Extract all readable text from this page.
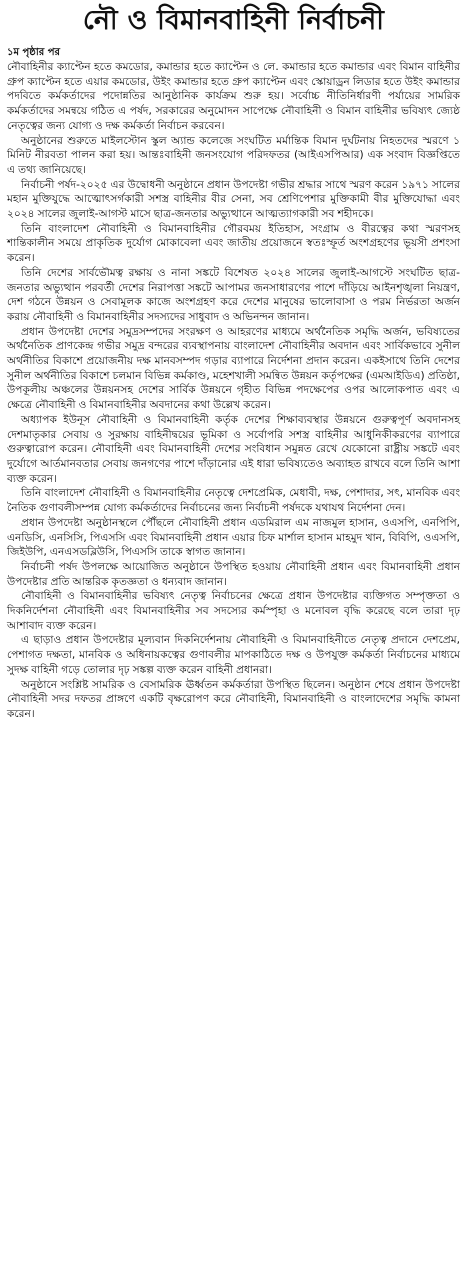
নৌ ও বিমানবাহিনী নির্বাচনী
১ম পৃষ্ঠার পর

নৌবাহিনীর ক্যাপ্টেন হতে কমডোর, কমান্ডার হতে ক্যাপ্টেন ও লে. কমান্ডার হতে কমান্ডার এবং বিমান বাহিনীর গ্রুপ ক্যাপ্টেন হতে এয়ার কমডোর, উইং কমান্ডার হতে গ্রুপ ক্যাপ্টেন এবং স্কোয়াড্রন লিডার হতে উইং কমান্ডার পদবিতে কর্মকর্তাদের পদোন্নতির আনুষ্ঠানিক কার্যক্রম শুরু হয়। সর্বোচ্চ নীতিনির্ধারণী পর্যায়ের সামরিক কর্মকর্তাদের সমন্বয়ে গঠিত এ পর্ষদ, সরকারের অনুমোদন সাপেক্ষে নৌবাহিনী ও বিমান বাহিনীর ভবিষ্যৎ জ্যেষ্ঠ নেতৃত্বের জন্য যোগ্য ও দক্ষ কর্মকর্তা নির্বাচন করবেন।

অনুষ্ঠানের শুরুতে মাইলস্টোন স্কুল অ্যান্ড কলেজে সংঘটিত মর্মান্তিক বিমান দুর্ঘটনায় নিহতদের স্মরণে ১ মিনিট নীরবতা পালন করা হয়। আন্তঃবাহিনী জনসংযোগ পরিদফতর (আইএসপিআর) এক সংবাদ বিজ্ঞপ্তিতে এ তথ্য জানিয়েছে।

নির্বাচনী পর্ষদ-২০২৫ এর উদ্বোধনী অনুষ্ঠানে প্রধান উপদেষ্টা গভীর শ্রদ্ধার সাথে স্মরণ করেন ১৯৭১ সালের মহান মুক্তিযুদ্ধে আত্মোৎসর্গকারী সশস্ত্র বাহিনীর বীর সেনা, সব শ্রেণিপেশার মুক্তিকামী বীর মুক্তিযোদ্ধা এবং ২০২৪ সালের জুলাই-আগস্ট মাসে ছাত্র-জনতার অভ্যুত্থানে আত্মত্যাগকারী সব শহীদকে।

তিনি বাংলাদেশ নৌবাহিনী ও বিমানবাহিনীর গৌরবময় ইতিহাস, সংগ্রাম ও বীরত্বের কথা স্মরণসহ শান্তিকালীন সময়ে প্রাকৃতিক দুর্যোগ মোকাবেলা এবং জাতীয় প্রয়োজনে স্বতঃস্ফূর্ত অংশগ্রহণের ভূয়সী প্রশংসা করেন।

তিনি দেশের সার্বভৌমত্ব রক্ষায় ও নানা সঙ্কটে বিশেষত ২০২৪ সালের জুলাই-আগস্টে সংঘটিত ছাত্র-জনতার অভ্যুত্থান পরবর্তী দেশের নিরাপত্তা সঙ্কটে আপামর জনসাধারণের পাশে দাঁড়িয়ে আইনশৃঙ্খলা নিয়ন্ত্রণ, দেশ গঠনে উন্নয়ন ও সেবামূলক কাজে অংশগ্রহণ করে দেশের মানুষের ভালোবাসা ও পরম নির্ভরতা অর্জন করায় নৌবাহিনী ও বিমানবাহিনীর সদস্যদের সাধুবাদ ও অভিনন্দন জানান।

প্রধান উপদেষ্টা দেশের সমুদ্রসম্পদের সংরক্ষণ ও আহরণের মাধ্যমে অর্থনৈতিক সমৃদ্ধি অর্জন, ভবিষ্যতের অর্থনৈতিক প্রাণকেন্দ্র গভীর সমুদ্র বন্দরের ব্যবস্থাপনায় বাংলাদেশ নৌবাহিনীর অবদান এবং সার্বিকভাবে সুনীল অর্থনীতির বিকাশে প্রয়োজনীয় দক্ষ মানবসম্পদ গড়ার ব্যাপারে নির্দেশনা প্রদান করেন। একইসাথে তিনি দেশের সুনীল অর্থনীতির বিকাশে চলমান বিভিন্ন কর্মকাণ্ড, মহেশখালী সমন্বিত উন্নয়ন কর্তৃপক্ষের (এমআইডিএ) প্রতিষ্ঠা, উপকূলীয় অঞ্চলের উন্নয়নসহ দেশের সার্বিক উন্নয়নে গৃহীত বিভিন্ন পদক্ষেপের ওপর আলোকপাত এবং এ ক্ষেত্রে নৌবাহিনী ও বিমানবাহিনীর অবদানের কথা উল্লেখ করেন।

অধ্যাপক ইউনূস নৌবাহিনী ও বিমানবাহিনী কর্তৃক দেশের শিক্ষাব্যবস্থার উন্নয়নে গুরুত্বপূর্ণ অবদানসহ দেশমাতৃকার সেবায় ও সুরক্ষায় বাহিনীদ্বয়ের ভূমিকা ও সর্বোপরি সশস্ত্র বাহিনীর আধুনিকীকরণের ব্যাপারে গুরুত্বারোপ করেন। নৌবাহিনী এবং বিমানবাহিনী দেশের সংবিধান সমুন্নত রেখে যেকোনো রাষ্ট্রীয় সঙ্কটে এবং দুর্যোগে আর্তমানবতার সেবায় জনগণের পাশে দাঁড়ানোর এই ধারা ভবিষ্যতেও অব্যাহত রাখবে বলে তিনি আশা ব্যক্ত করেন।

তিনি বাংলাদেশ নৌবাহিনী ও বিমানবাহিনীর নেতৃত্বে দেশপ্রেমিক, মেধাবী, দক্ষ, পেশাদার, সৎ, মানবিক এবং নৈতিক গুণাবলীসম্পন্ন যোগ্য কর্মকর্তাদের নির্বাচনের জন্য নির্বাচনী পর্ষদকে যথাযথ নির্দেশনা দেন।

প্রধান উপদেষ্টা অনুষ্ঠানস্থলে পৌঁছলে নৌবাহিনী প্রধান এডমিরাল এম নাজমুল হাসান, ওএসপি, এনপিপি, এনডিসি, এনসিসি, পিএসসি এবং বিমানবাহিনী প্রধান এয়ার চিফ মার্শাল হাসান মাহমুদ খান, বিবিপি, ওএসপি, জিইউপি, এনএসডব্লিউসি, পিএসসি তাকে স্বাগত জানান।

নির্বাচনী পর্ষদ উপলক্ষে আয়োজিত অনুষ্ঠানে উপস্থিত হওয়ায় নৌবাহিনী প্রধান এবং বিমানবাহিনী প্রধান উপদেষ্টার প্রতি আন্তরিক কৃতজ্ঞতা ও ধন্যবাদ জানান।

নৌবাহিনী ও বিমানবাহিনীর ভবিষ্যৎ নেতৃত্ব নির্বাচনের ক্ষেত্রে প্রধান উপদেষ্টার ব্যক্তিগত সম্পৃক্ততা ও দিকনির্দেশনা নৌবাহিনী এবং বিমানবাহিনীর সব সদস্যের কর্মস্পৃহা ও মনোবল বৃদ্ধি করেছে বলে তারা দৃঢ় আশাবাদ ব্যক্ত করেন।

এ ছাড়াও প্রধান উপদেষ্টার মূল্যবান দিকনির্দেশনায় নৌবাহিনী ও বিমানবাহিনীতে নেতৃত্ব প্রদানে দেশপ্রেম, পেশাগত দক্ষতা, মানবিক ও অধিনায়কত্বের গুণাবলীর মাপকাঠিতে দক্ষ ও উপযুক্ত কর্মকর্তা নির্বাচনের মাধ্যমে সুদক্ষ বাহিনী গড়ে তোলার দৃঢ় সঙ্কল্প ব্যক্ত করেন বাহিনী প্রধানরা।

অনুষ্ঠানে সংশ্লিষ্ট সামরিক ও বেসামরিক ঊর্ধ্বতন কর্মকর্তারা উপস্থিত ছিলেন। অনুষ্ঠান শেষে প্রধান উপদেষ্টা নৌবাহিনী সদর দফতর প্রাঙ্গণে একটি বৃক্ষরোপণ করে নৌবাহিনী, বিমানবাহিনী ও বাংলাদেশের সমৃদ্ধি কামনা করেন।
